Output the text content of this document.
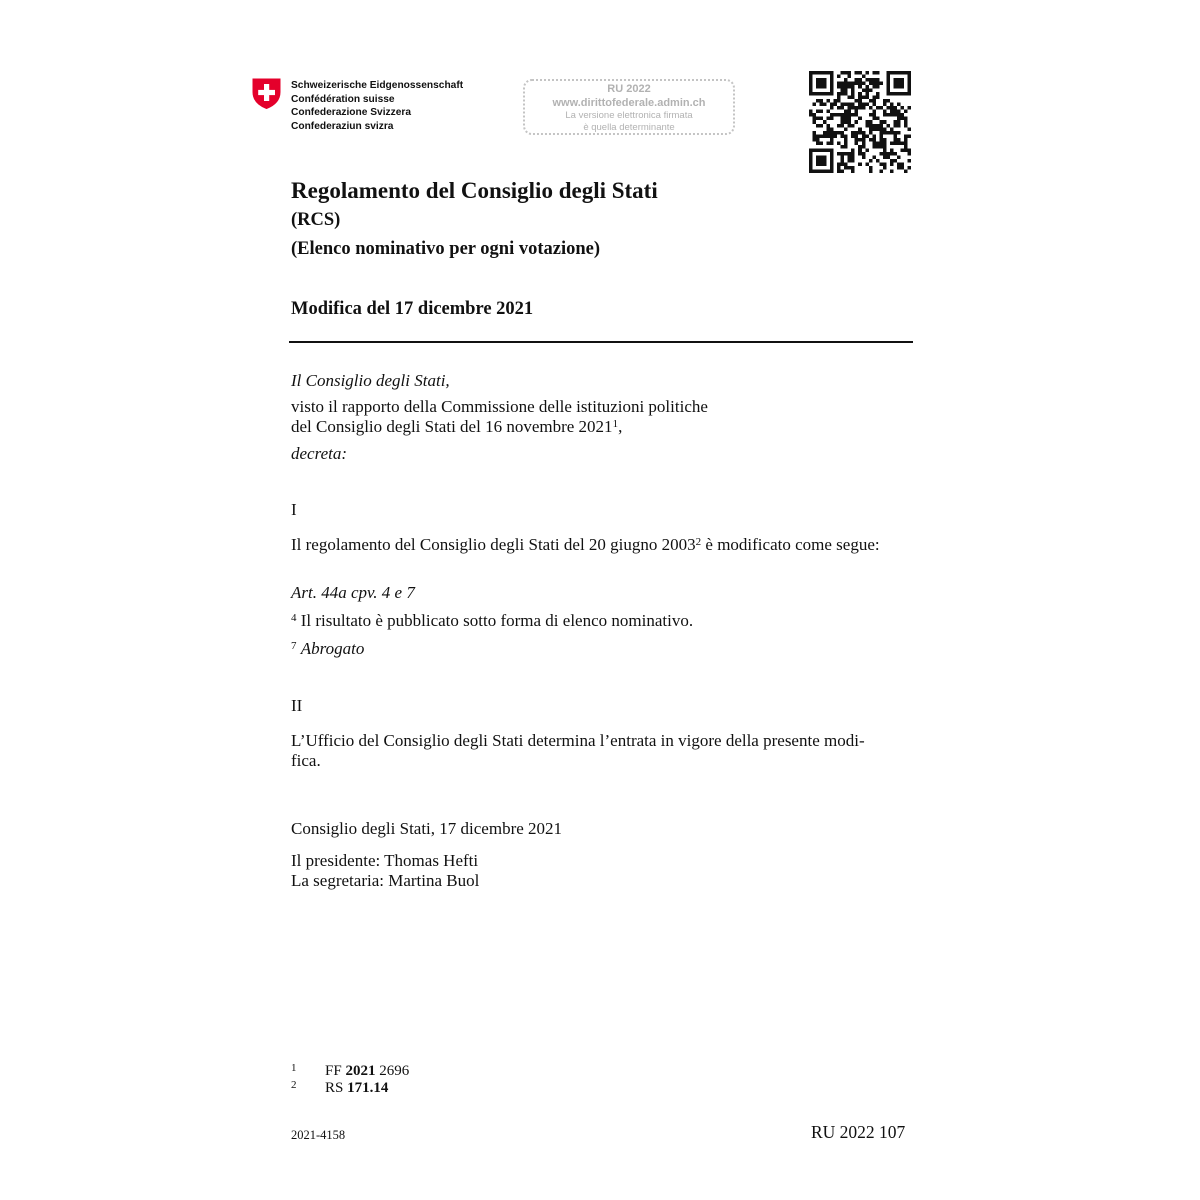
Schweizerische Eidgenossenschaft
Confédération suisse
Confederazione Svizzera
Confederaziun svizra
RU 2022
www.dirittofederale.admin.ch
La versione elettronica firmata
è quella determinante
Regolamento del Consiglio degli Stati
(RCS)
(Elenco nominativo per ogni votazione)
Modifica del 17 dicembre 2021
Il Consiglio degli Stati,
visto il rapporto della Commissione delle istituzioni politiche
del Consiglio degli Stati del 16 novembre 2021$^1$,
decreta:
I
Il regolamento del Consiglio degli Stati del 20 giugno 2003$^2$ è modificato come segue:
Art. 44a cpv. 4 e 7
$^4$ Il risultato è pubblicato sotto forma di elenco nominativo.
$^7$ Abrogato
II
L’Ufficio del Consiglio degli Stati determina l’entrata in vigore della presente modi-
fica.
Consiglio degli Stati, 17 dicembre 2021
Il presidente: Thomas Hefti
La segretaria: Martina Buol
1 FF 2021 2696
2 RS 171.14
2021-4158	RU 2022 107
